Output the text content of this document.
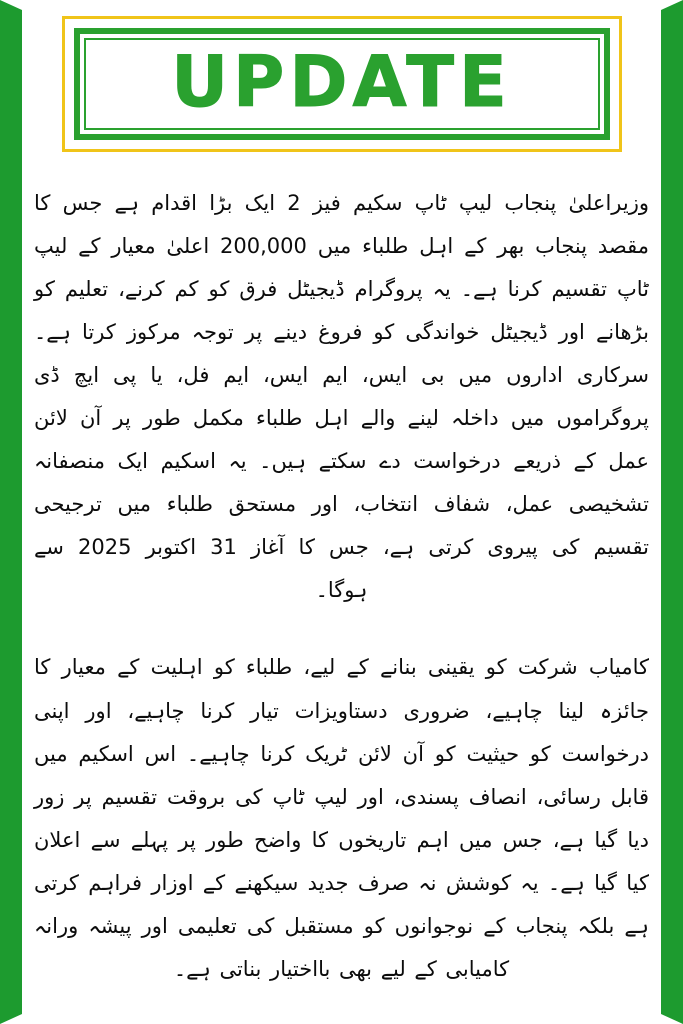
UPDATE

وزیراعلیٰ پنجاب لیپ ٹاپ سکیم فیز 2 ایک بڑا اقدام ہے جس کا مقصد پنجاب بھر کے اہل طلباء میں 200,000 اعلیٰ معیار کے لیپ ٹاپ تقسیم کرنا ہے۔ یہ پروگرام ڈیجیٹل فرق کو کم کرنے، تعلیم کو بڑھانے اور ڈیجیٹل خواندگی کو فروغ دینے پر توجہ مرکوز کرتا ہے۔ سرکاری اداروں میں بی ایس، ایم ایس، ایم فل، یا پی ایچ ڈی پروگراموں میں داخلہ لینے والے اہل طلباء مکمل طور پر آن لائن عمل کے ذریعے درخواست دے سکتے ہیں۔ یہ اسکیم ایک منصفانہ تشخیصی عمل، شفاف انتخاب، اور مستحق طلباء میں ترجیحی تقسیم کی پیروی کرتی ہے، جس کا آغاز 31 اکتوبر 2025 سے ہوگا۔

کامیاب شرکت کو یقینی بنانے کے لیے، طلباء کو اہلیت کے معیار کا جائزہ لینا چاہیے، ضروری دستاویزات تیار کرنا چاہیے، اور اپنی درخواست کو حیثیت کو آن لائن ٹریک کرنا چاہیے۔ اس اسکیم میں قابل رسائی، انصاف پسندی، اور لیپ ٹاپ کی بروقت تقسیم پر زور دیا گیا ہے، جس میں اہم تاریخوں کا واضح طور پر پہلے سے اعلان کیا گیا ہے۔ یہ کوشش نہ صرف جدید سیکھنے کے اوزار فراہم کرتی ہے بلکہ پنجاب کے نوجوانوں کو مستقبل کی تعلیمی اور پیشہ ورانہ کامیابی کے لیے بھی بااختیار بناتی ہے۔
